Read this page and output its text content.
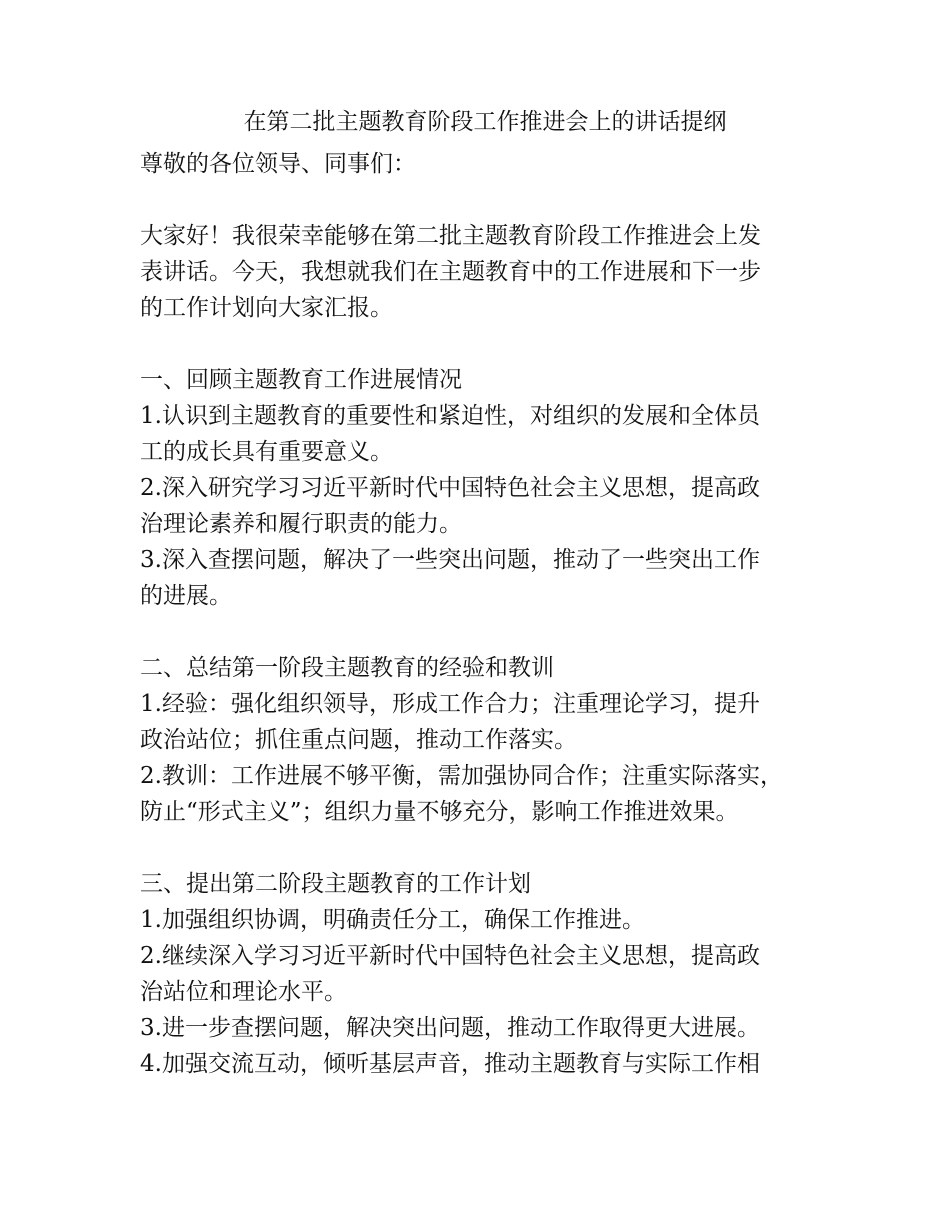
在第二批主题教育阶段工作推进会上的讲话提纲

尊敬的各位领导、同事们：

大家好！我很荣幸能够在第二批主题教育阶段工作推进会上发

表讲话。今天，我想就我们在主题教育中的工作进展和下一步

的工作计划向大家汇报。

一、回顾主题教育工作进展情况

1.认识到主题教育的重要性和紧迫性，对组织的发展和全体员

工的成长具有重要意义。

2.深入研究学习习近平新时代中国特色社会主义思想，提高政

治理论素养和履行职责的能力。

3.深入查摆问题，解决了一些突出问题，推动了一些突出工作

的进展。

二、总结第一阶段主题教育的经验和教训

1.经验：强化组织领导，形成工作合力；注重理论学习，提升

政治站位；抓住重点问题，推动工作落实。

2.教训：工作进展不够平衡，需加强协同合作；注重实际落实，

防止“形式主义”；组织力量不够充分，影响工作推进效果。

三、提出第二阶段主题教育的工作计划

1.加强组织协调，明确责任分工，确保工作推进。

2.继续深入学习习近平新时代中国特色社会主义思想，提高政

治站位和理论水平。

3.进一步查摆问题，解决突出问题，推动工作取得更大进展。

4.加强交流互动，倾听基层声音，推动主题教育与实际工作相
